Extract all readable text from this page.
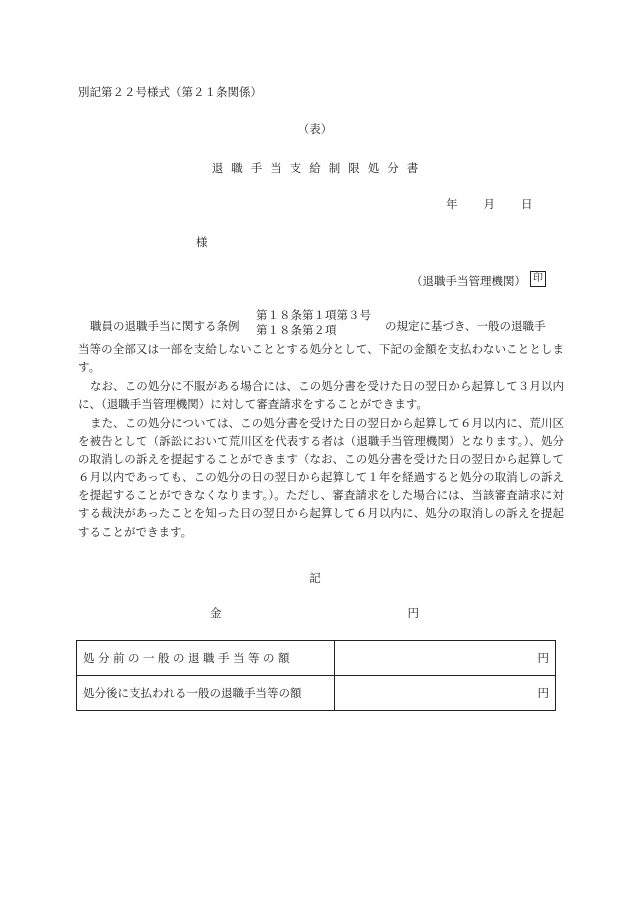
別記第２２号様式（第２１条関係）
（表）
退職手当支給制限処分書
年 月 日
様
（退職手当管理機関） 印
職員の退職手当に関する条例
第１８条第１項第３号
第１８条第２項	の規定に基づき、一般の退職手
当等の全部又は一部を支給しないこととする処分として、下記の金額を支払わないこととします。
なお、この処分に不服がある場合には、この処分書を受けた日の翌日から起算して３月以内に、（退職手当管理機関）に対して審査請求をすることができます。
また、この処分については、この処分書を受けた日の翌日から起算して６月以内に、荒川区を被告として（訴訟において荒川区を代表する者は（退職手当管理機関）となります。）、処分の取消しの訴えを提起することができます（なお、この処分書を受けた日の翌日から起算して６月以内であっても、この処分の日の翌日から起算して１年を経過すると処分の取消しの訴えを提起することができなくなります。）。ただし、審査請求をした場合には、当該審査請求に対する裁決があったことを知った日の翌日から起算して６月以内に、処分の取消しの訴えを提起することができます。
記
金	円
処分前の一般の退職手当等の額	円
処分後に支払われる一般の退職手当等の額	円
